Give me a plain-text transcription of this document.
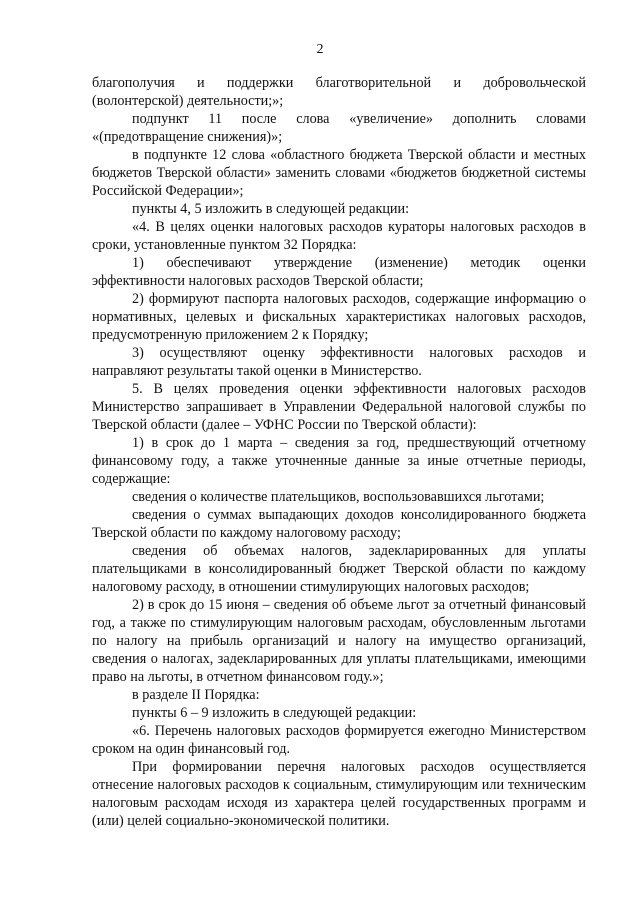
2

благополучия и поддержки благотворительной и добровольческой (волонтерской) деятельности;»;

подпункт 11 после слова «увеличение» дополнить словами «(предотвращение снижения)»;

в подпункте 12 слова «областного бюджета Тверской области и местных бюджетов Тверской области» заменить словами «бюджетов бюджетной системы Российской Федерации»;

пункты 4, 5 изложить в следующей редакции:

«4. В целях оценки налоговых расходов кураторы налоговых расходов в сроки, установленные пунктом 32 Порядка:

1) обеспечивают утверждение (изменение) методик оценки эффективности налоговых расходов Тверской области;

2) формируют паспорта налоговых расходов, содержащие информацию о нормативных, целевых и фискальных характеристиках налоговых расходов, предусмотренную приложением 2 к Порядку;

3) осуществляют оценку эффективности налоговых расходов и направляют результаты такой оценки в Министерство.

5. В целях проведения оценки эффективности налоговых расходов Министерство запрашивает в Управлении Федеральной налоговой службы по Тверской области (далее – УФНС России по Тверской области):

1) в срок до 1 марта – сведения за год, предшествующий отчетному финансовому году, а также уточненные данные за иные отчетные периоды, содержащие:

сведения о количестве плательщиков, воспользовавшихся льготами;

сведения о суммах выпадающих доходов консолидированного бюджета Тверской области по каждому налоговому расходу;

сведения об объемах налогов, задекларированных для уплаты плательщиками в консолидированный бюджет Тверской области по каждому налоговому расходу, в отношении стимулирующих налоговых расходов;

2) в срок до 15 июня – сведения об объеме льгот за отчетный финансовый год, а также по стимулирующим налоговым расходам, обусловленным льготами по налогу на прибыль организаций и налогу на имущество организаций, сведения о налогах, задекларированных для уплаты плательщиками, имеющими право на льготы, в отчетном финансовом году.»;

в разделе II Порядка:

пункты 6 – 9 изложить в следующей редакции:

«6. Перечень налоговых расходов формируется ежегодно Министерством сроком на один финансовый год.

При формировании перечня налоговых расходов осуществляется отнесение налоговых расходов к социальным, стимулирующим или техническим налоговым расходам исходя из характера целей государственных программ и (или) целей социально-экономической политики.
